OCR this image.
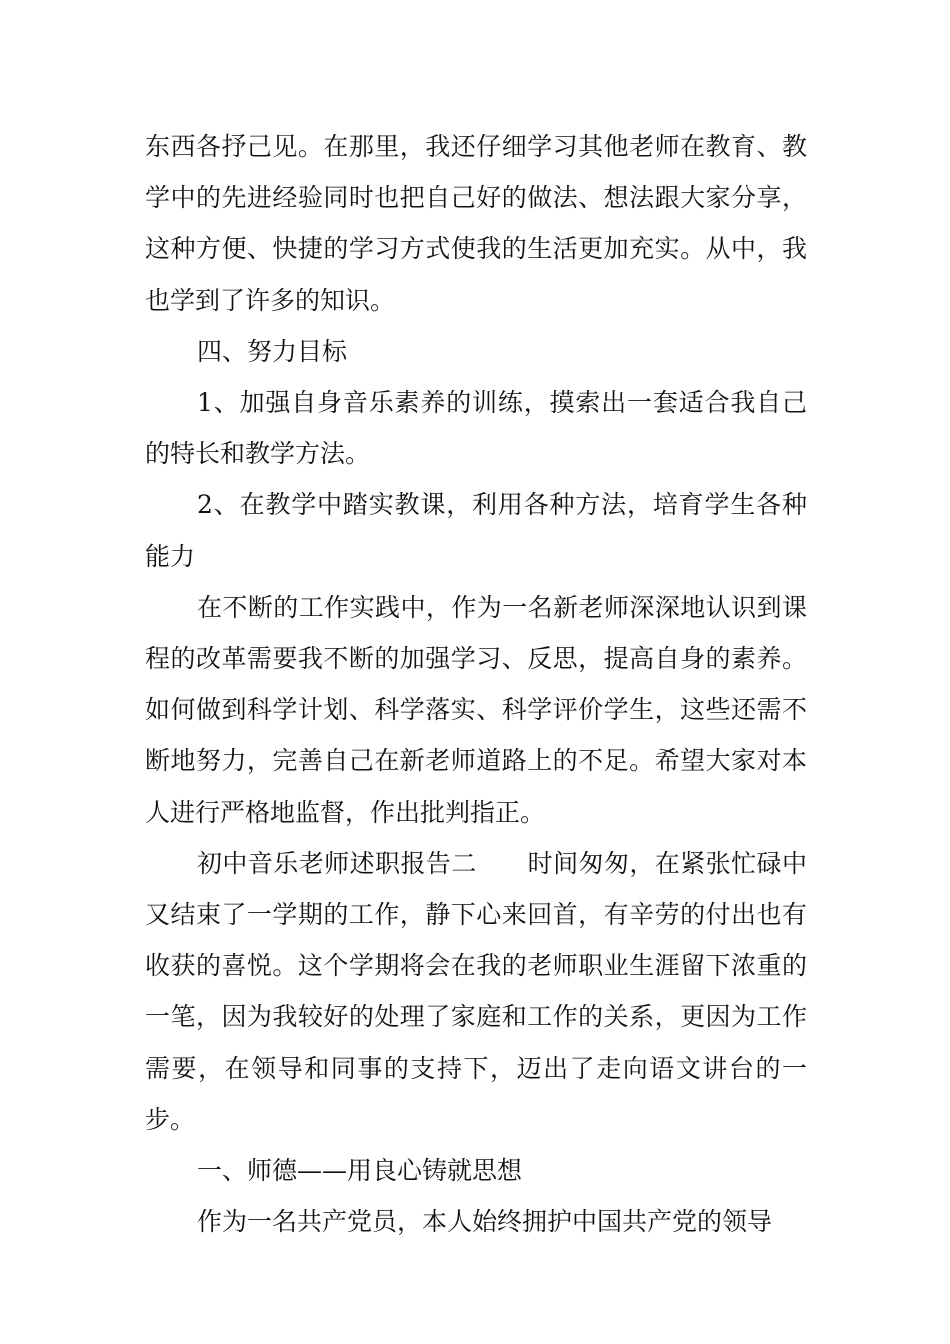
东西各抒己见。在那里，我还仔细学习其他老师在教育、教学中的先进经验同时也把自己好的做法、想法跟大家分享，这种方便、快捷的学习方式使我的生活更加充实。从中，我也学到了许多的知识。

四、努力目标

1、加强自身音乐素养的训练，摸索出一套适合我自己的特长和教学方法。

2、在教学中踏实教课，利用各种方法，培育学生各种能力

在不断的工作实践中，作为一名新老师深深地认识到课程的改革需要我不断的加强学习、反思，提高自身的素养。如何做到科学计划、科学落实、科学评价学生，这些还需不断地努力，完善自己在新老师道路上的不足。希望大家对本人进行严格地监督，作出批判指正。

初中音乐老师述职报告二　　时间匆匆，在紧张忙碌中又结束了一学期的工作，静下心来回首，有辛劳的付出也有收获的喜悦。这个学期将会在我的老师职业生涯留下浓重的一笔，因为我较好的处理了家庭和工作的关系，更因为工作需要，在领导和同事的支持下，迈出了走向语文讲台的一步。

一、师德——用良心铸就思想

作为一名共产党员，本人始终拥护中国共产党的领导
